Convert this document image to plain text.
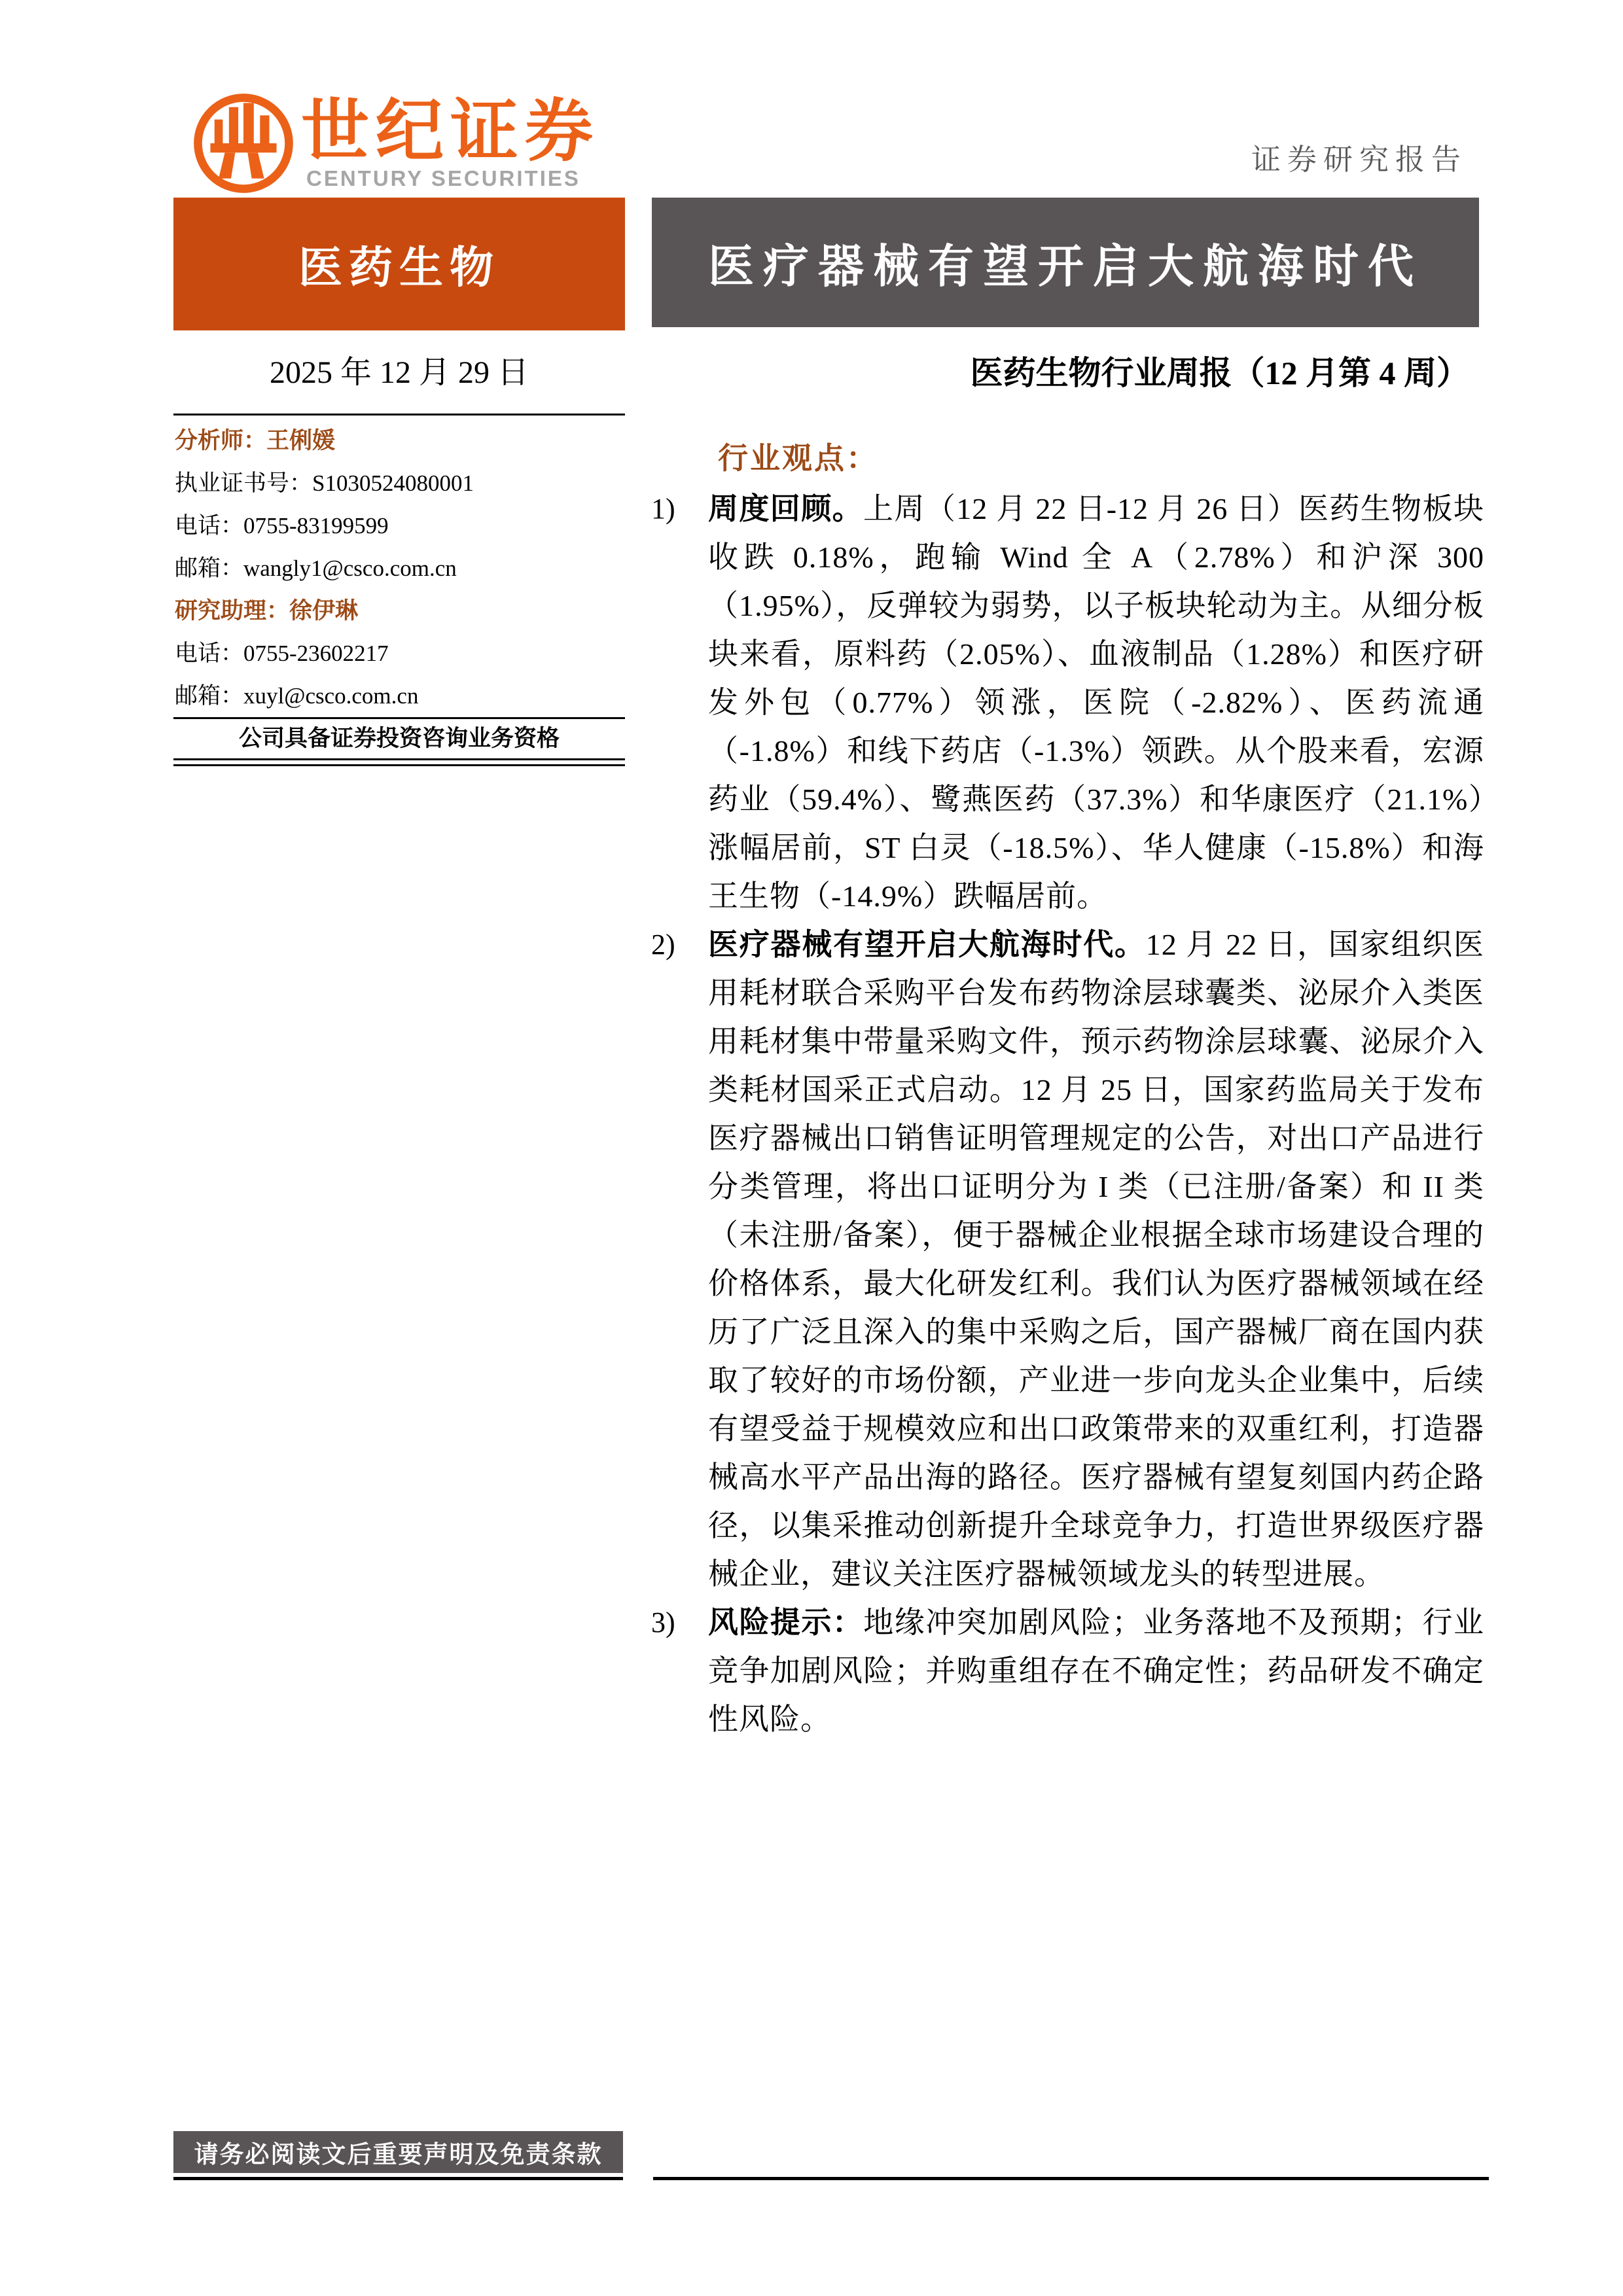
世纪证券
CENTURY SECURITIES
证券研究报告
医药生物	医疗器械有望开启大航海时代
2025 年 12 月 29 日	医药生物行业周报（12 月第 4 周）
分析师：王俐媛
执业证书号：S1030524080001
电话：0755-83199599
邮箱：wangly1@csco.com.cn
研究助理：徐伊琳
电话：0755-23602217
邮箱：xuyl@csco.com.cn
公司具备证券投资咨询业务资格
行业观点：
1)	周度回顾。上周（12 月 22 日-12 月 26 日）医药生物板块收跌 0.18%，跑输 Wind 全 A（2.78%）和沪深 300（1.95%），反弹较为弱势，以子板块轮动为主。从细分板块来看，原料药（2.05%）、血液制品（1.28%）和医疗研发外包（0.77%）领涨，医院（-2.82%）、医药流通（-1.8%）和线下药店（-1.3%）领跌。从个股来看，宏源药业（59.4%）、鹭燕医药（37.3%）和华康医疗（21.1%）涨幅居前，ST 白灵（-18.5%）、华人健康（-15.8%）和海王生物（-14.9%）跌幅居前。
2)	医疗器械有望开启大航海时代。12 月 22 日，国家组织医用耗材联合采购平台发布药物涂层球囊类、泌尿介入类医用耗材集中带量采购文件，预示药物涂层球囊、泌尿介入类耗材国采正式启动。12 月 25 日，国家药监局关于发布医疗器械出口销售证明管理规定的公告，对出口产品进行分类管理，将出口证明分为 I 类（已注册/备案）和 II 类（未注册/备案），便于器械企业根据全球市场建设合理的价格体系，最大化研发红利。我们认为医疗器械领域在经历了广泛且深入的集中采购之后，国产器械厂商在国内获取了较好的市场份额，产业进一步向龙头企业集中，后续有望受益于规模效应和出口政策带来的双重红利，打造器械高水平产品出海的路径。医疗器械有望复刻国内药企路径，以集采推动创新提升全球竞争力，打造世界级医疗器械企业，建议关注医疗器械领域龙头的转型进展。
3)	风险提示：地缘冲突加剧风险；业务落地不及预期；行业竞争加剧风险；并购重组存在不确定性；药品研发不确定性风险。
请务必阅读文后重要声明及免责条款
